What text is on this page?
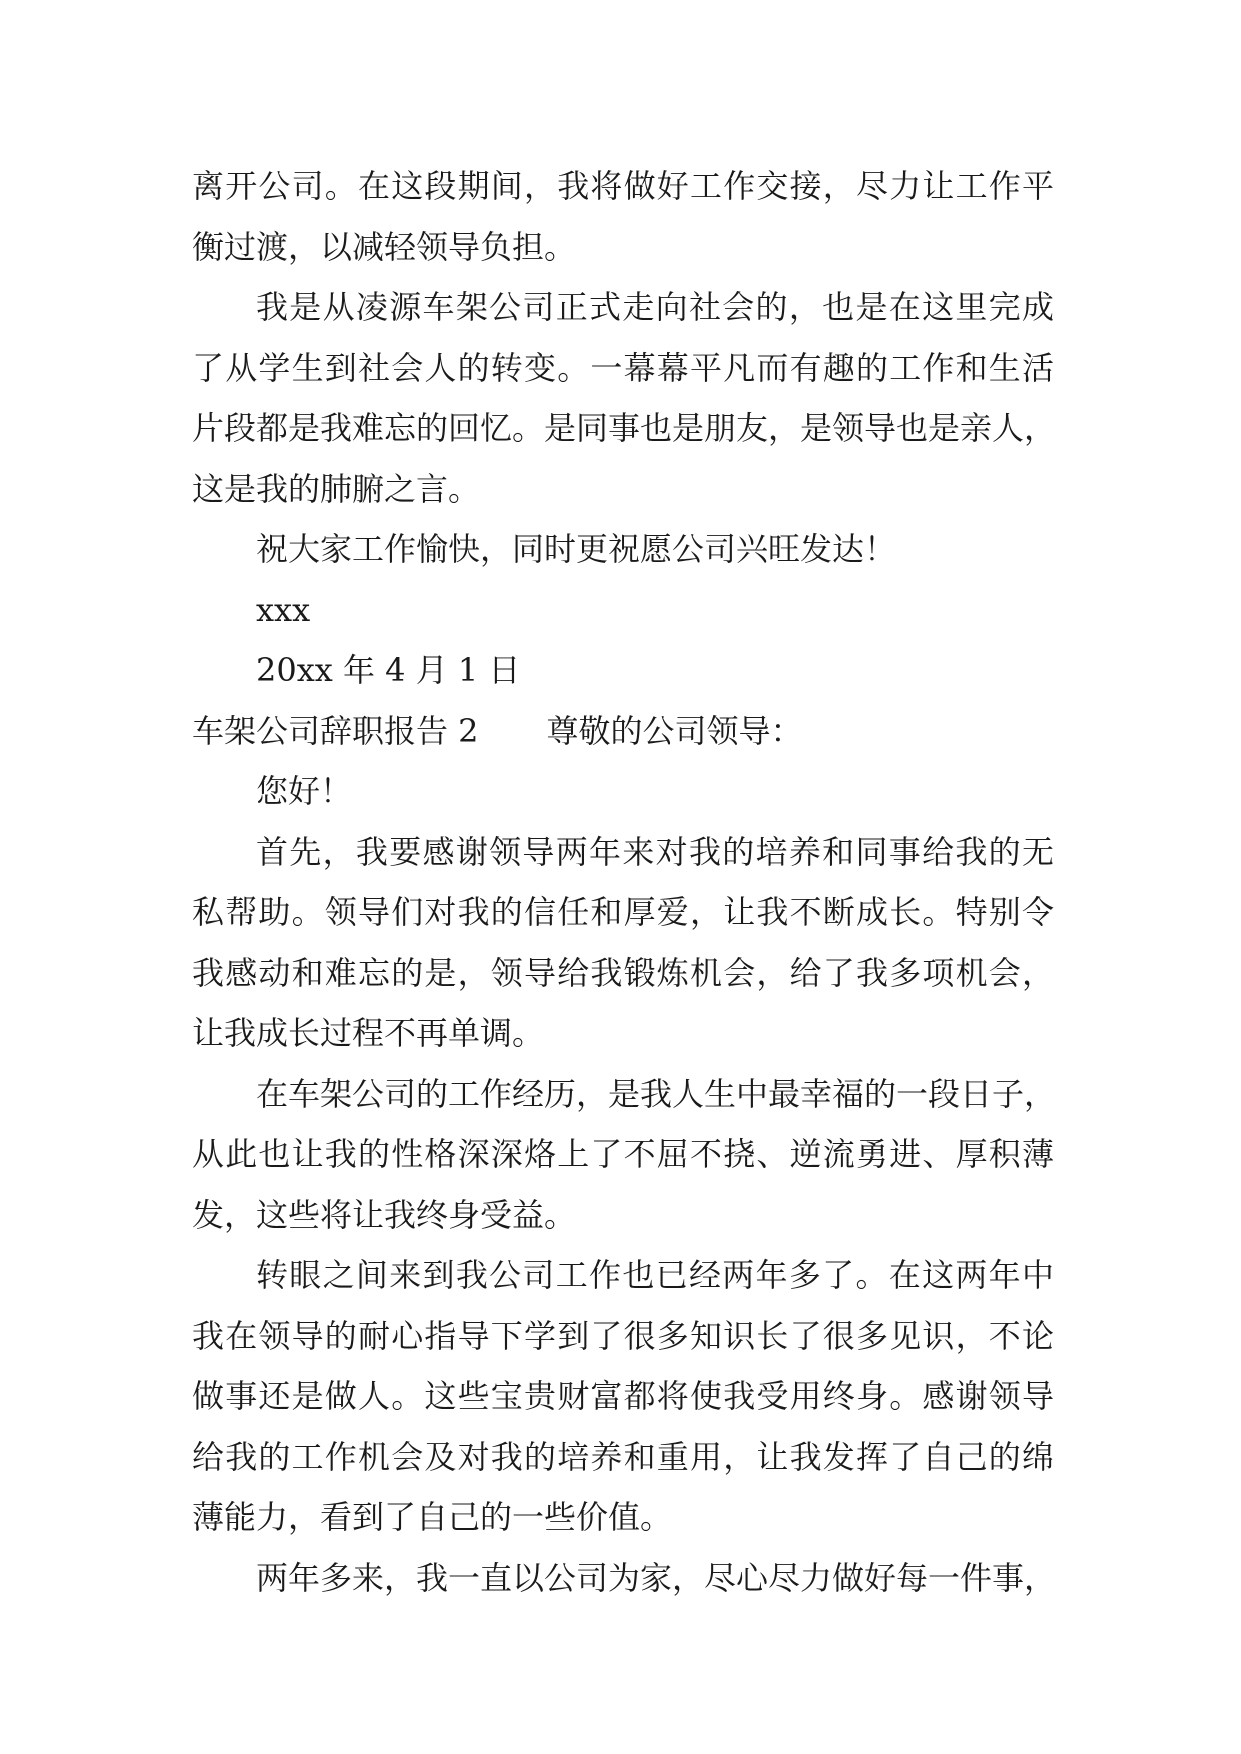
离开公司。在这段期间，我将做好工作交接，尽力让工作平
衡过渡，以减轻领导负担。
我是从凌源车架公司正式走向社会的，也是在这里完成
了从学生到社会人的转变。一幕幕平凡而有趣的工作和生活
片段都是我难忘的回忆。是同事也是朋友，是领导也是亲人，
这是我的肺腑之言。
祝大家工作愉快，同时更祝愿公司兴旺发达！
xxx
20xx 年 4 月 1 日
车架公司辞职报告 2 尊敬的公司领导：
您好！
首先，我要感谢领导两年来对我的培养和同事给我的无
私帮助。领导们对我的信任和厚爱，让我不断成长。特别令
我感动和难忘的是，领导给我锻炼机会，给了我多项机会，
让我成长过程不再单调。
在车架公司的工作经历，是我人生中最幸福的一段日子，
从此也让我的性格深深烙上了不屈不挠、逆流勇进、厚积薄
发，这些将让我终身受益。
转眼之间来到我公司工作也已经两年多了。在这两年中
我在领导的耐心指导下学到了很多知识长了很多见识，不论
做事还是做人。这些宝贵财富都将使我受用终身。感谢领导
给我的工作机会及对我的培养和重用，让我发挥了自己的绵
薄能力，看到了自己的一些价值。
两年多来，我一直以公司为家，尽心尽力做好每一件事，
